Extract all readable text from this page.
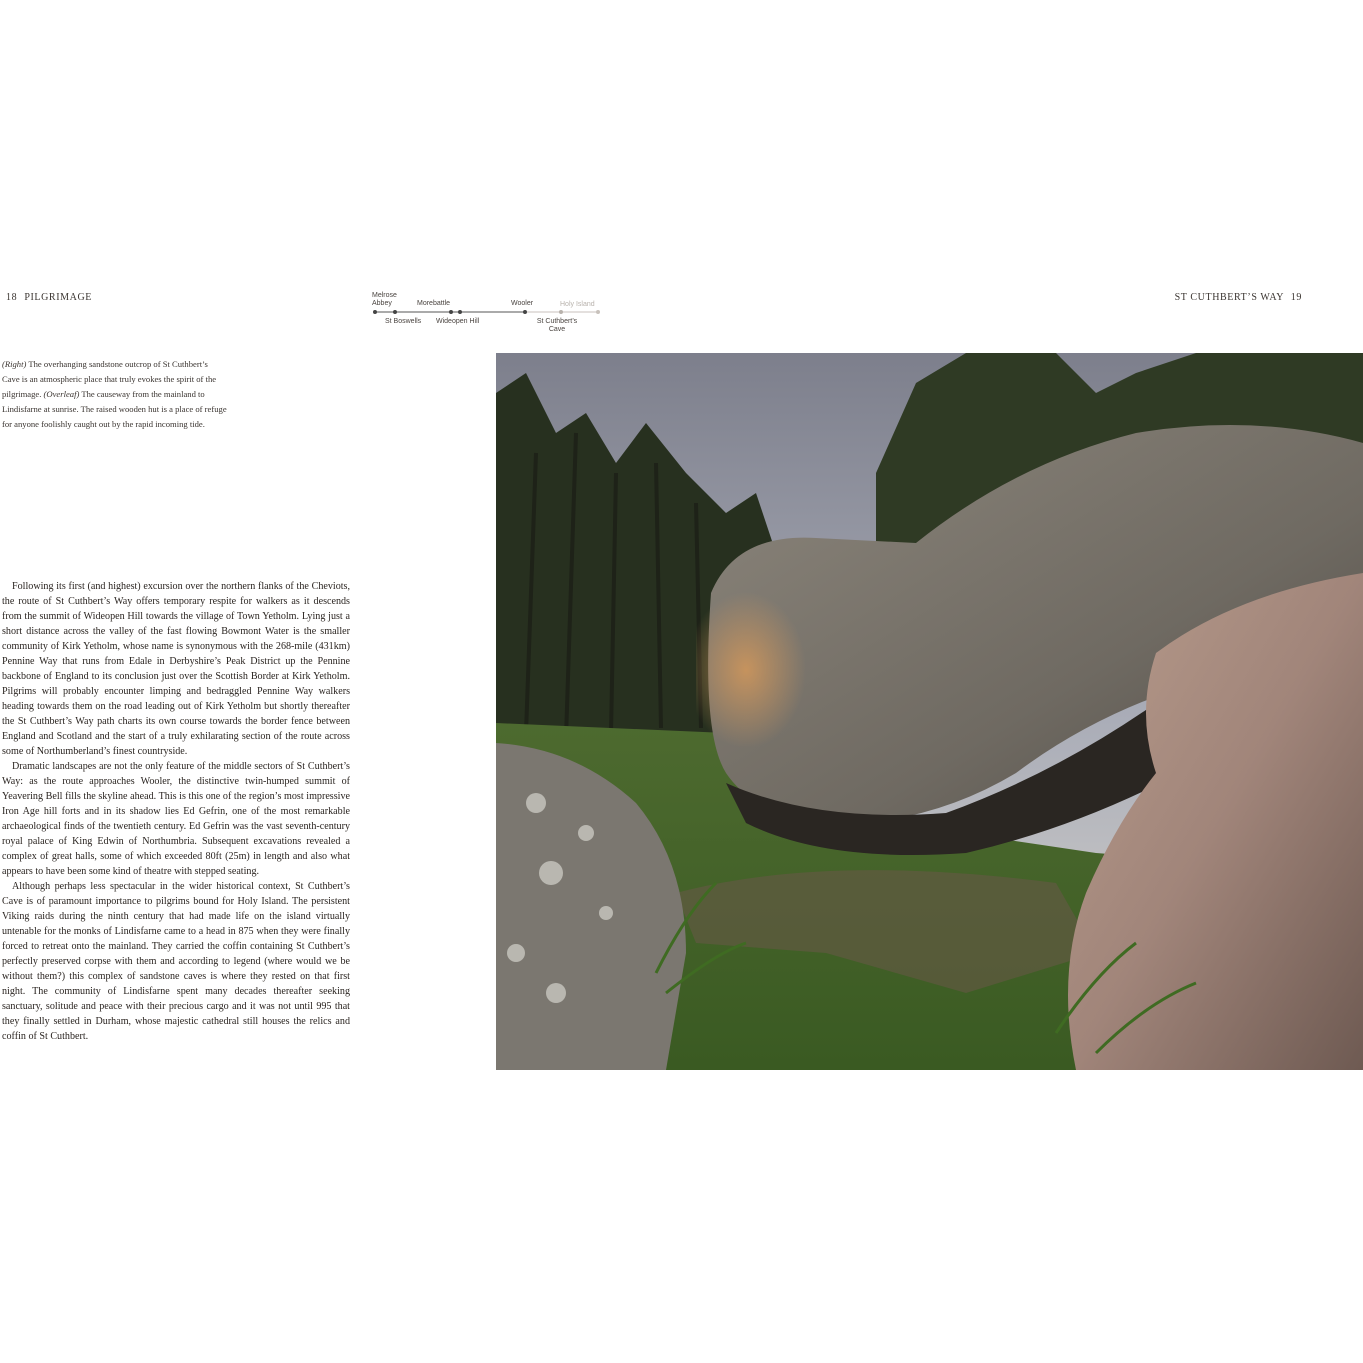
18 PILGRIMAGE	ST CUTHBERT’S WAY 19
Melrose Abbey	Morebattle	Wooler	Holy Island
St Boswells Wideopen Hill	St Cuthbert’s Cave
(Right) The overhanging sandstone outcrop of St Cuthbert’s Cave is an atmospheric place that truly evokes the spirit of the pilgrimage. (Overleaf) The causeway from the mainland to Lindisfarne at sunrise. The raised wooden hut is a place of refuge for anyone foolishly caught out by the rapid incoming tide.

Following its first (and highest) excursion over the northern flanks of the Cheviots, the route of St Cuthbert’s Way offers temporary respite for walkers as it descends from the summit of Wideopen Hill towards the village of Town Yetholm. Lying just a short distance across the valley of the fast flowing Bowmont Water is the smaller community of Kirk Yetholm, whose name is synonymous with the 268-mile (431km) Pennine Way that runs from Edale in Derbyshire’s Peak District up the Pennine backbone of England to its conclusion just over the Scottish Border at Kirk Yetholm. Pilgrims will probably encounter limping and bedraggled Pennine Way walkers heading towards them on the road leading out of Kirk Yetholm but shortly thereafter the St Cuthbert’s Way path charts its own course towards the border fence between England and Scotland and the start of a truly exhilarating section of the route across some of Northumberland’s finest countryside.

Dramatic landscapes are not the only feature of the middle sectors of St Cuthbert’s Way: as the route approaches Wooler, the distinctive twin-humped summit of Yeavering Bell fills the skyline ahead. This is this one of the region’s most impressive Iron Age hill forts and in its shadow lies Ed Gefrin, one of the most remarkable archaeological finds of the twentieth century. Ed Gefrin was the vast seventh-century royal palace of King Edwin of Northumbria. Subsequent excavations revealed a complex of great halls, some of which exceeded 80ft (25m) in length and also what appears to have been some kind of theatre with stepped seating.

Although perhaps less spectacular in the wider historical context, St Cuthbert’s Cave is of paramount importance to pilgrims bound for Holy Island. The persistent Viking raids during the ninth century that had made life on the island virtually untenable for the monks of Lindisfarne came to a head in 875 when they were finally forced to retreat onto the mainland. They carried the coffin containing St Cuthbert’s perfectly preserved corpse with them and according to legend (where would we be without them?) this complex of sandstone caves is where they rested on that first night. The community of Lindisfarne spent many decades thereafter seeking sanctuary, solitude and peace with their precious cargo and it was not until 995 that they finally settled in Durham, whose majestic cathedral still houses the relics and coffin of St Cuthbert.
